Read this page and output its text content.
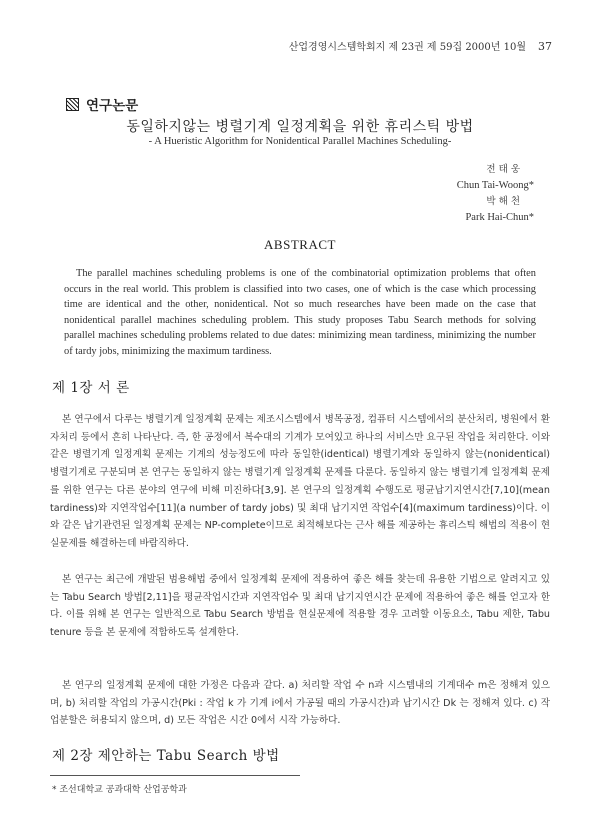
산업경영시스템학회지 제 23권 제 59집 2000년 10월 37
연구논문
동일하지않는 병렬기계 일정계획을 위한 휴리스틱 방법
- A Hueristic Algorithm for Nonidentical Parallel Machines Scheduling-
전 태 웅
Chun Tai-Woong*
박 해 천
Park Hai-Chun*
ABSTRACT
The parallel machines scheduling problems is one of the combinatorial optimization problems that often occurs in the real world. This problem is classified into two cases, one of which is the case which processing time are identical and the other, nonidentical. Not so much researches have been made on the case that nonidentical parallel machines scheduling problem. This study proposes Tabu Search methods for solving parallel machines scheduling problems related to due dates: minimizing mean tardiness, minimizing the number of tardy jobs, minimizing the maximum tardiness.
제 1장 서 론
본 연구에서 다루는 병렬기계 일정계획 문제는 제조시스템에서 병목공정, 컴퓨터 시스템에서의 분산처리, 병원에서 환자처리 등에서 흔히 나타난다. 즉, 한 공정에서 복수대의 기계가 모여있고 하나의 서비스만 요구된 작업을 처리한다. 이와 같은 병렬기계 일정계획 문제는 기계의 성능정도에 따라 동일한(identical) 병렬기계와 동일하지 않는(nonidentical) 병렬기계로 구분되며 본 연구는 동일하지 않는 병렬기계 일정계획 문제를 다룬다. 동일하지 않는 병렬기계 일정계획 문제를 위한 연구는 다른 분야의 연구에 비해 미진하다[3,9]. 본 연구의 일정계획 수행도로 평균납기지연시간[7,10](mean tardiness)와 지연작업수[11](a number of tardy jobs) 및 최대 납기지연 작업수[4](maximum tardiness)이다. 이와 같은 납기관련된 일정계획 문제는 NP-complete이므로 최적해보다는 근사 해를 제공하는 휴리스틱 해법의 적용이 현실문제를 해결하는데 바람직하다.
본 연구는 최근에 개발된 범용해법 중에서 일정계획 문제에 적용하여 좋은 해를 찾는데 유용한 기법으로 알려지고 있는 Tabu Search 방법[2,11]을 평균작업시간과 지연작업수 및 최대 납기지연시간 문제에 적용하여 좋은 해를 얻고자 한다. 이를 위해 본 연구는 일반적으로 Tabu Search 방법을 현실문제에 적용할 경우 고려할 이동요소, Tabu 제한, Tabu tenure 등을 본 문제에 적합하도록 설계한다.
본 연구의 일정계획 문제에 대한 가정은 다음과 같다. a) 처리할 작업 수 n과 시스템내의 기계대수 m은 정해져 있으며, b) 처리할 작업의 가공시간(Pki : 작업 k 가 기계 i에서 가공될 때의 가공시간)과 납기시간 Dk 는 정해져 있다. c) 작업분할은 허용되지 않으며, d) 모든 작업은 시간 0에서 시작 가능하다.
제 2장 제안하는 Tabu Search 방법
* 조선대학교 공과대학 산업공학과
